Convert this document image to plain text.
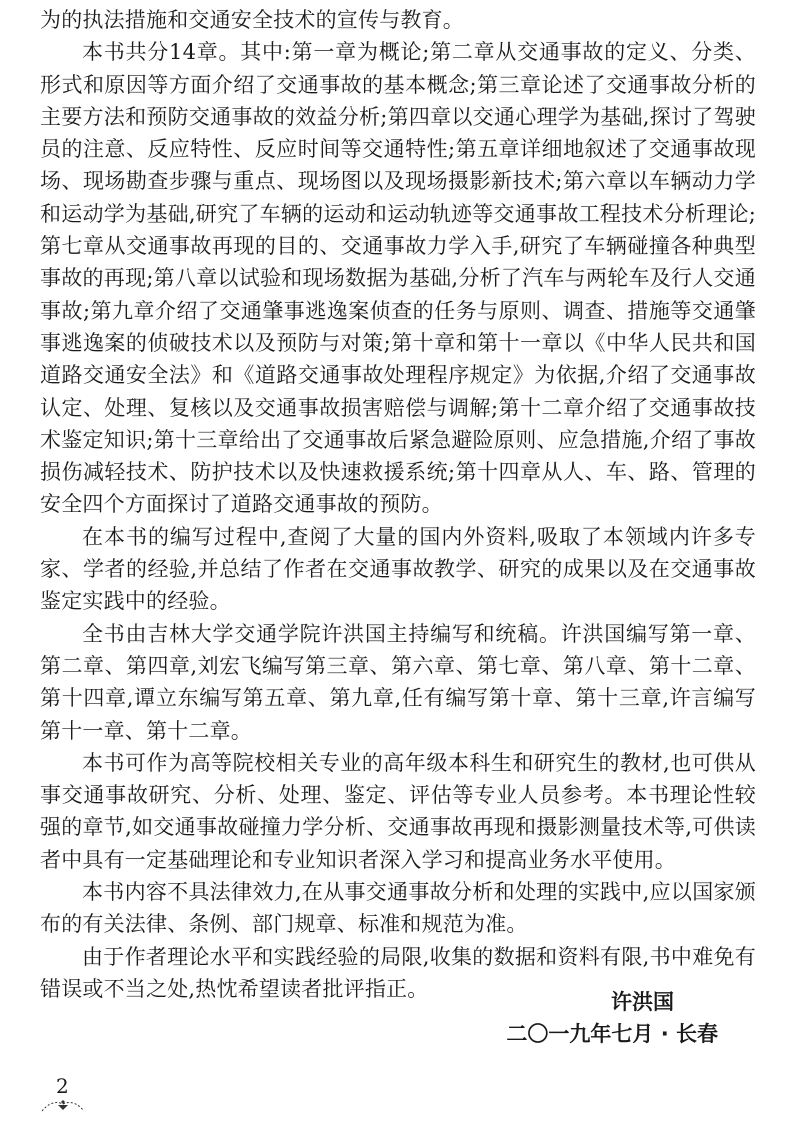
为的执法措施和交通安全技术的宣传与教育。

本书共分14章。其中:第一章为概论;第二章从交通事故的定义、分类、形式和原因等方面介绍了交通事故的基本概念;第三章论述了交通事故分析的主要方法和预防交通事故的效益分析;第四章以交通心理学为基础,探讨了驾驶员的注意、反应特性、反应时间等交通特性;第五章详细地叙述了交通事故现场、现场勘查步骤与重点、现场图以及现场摄影新技术;第六章以车辆动力学和运动学为基础,研究了车辆的运动和运动轨迹等交通事故工程技术分析理论;第七章从交通事故再现的目的、交通事故力学入手,研究了车辆碰撞各种典型事故的再现;第八章以试验和现场数据为基础,分析了汽车与两轮车及行人交通事故;第九章介绍了交通肇事逃逸案侦查的任务与原则、调查、措施等交通肇事逃逸案的侦破技术以及预防与对策;第十章和第十一章以《中华人民共和国道路交通安全法》和《道路交通事故处理程序规定》为依据,介绍了交通事故认定、处理、复核以及交通事故损害赔偿与调解;第十二章介绍了交通事故技术鉴定知识;第十三章给出了交通事故后紧急避险原则、应急措施,介绍了事故损伤减轻技术、防护技术以及快速救援系统;第十四章从人、车、路、管理的安全四个方面探讨了道路交通事故的预防。

在本书的编写过程中,查阅了大量的国内外资料,吸取了本领域内许多专家、学者的经验,并总结了作者在交通事故教学、研究的成果以及在交通事故鉴定实践中的经验。

全书由吉林大学交通学院许洪国主持编写和统稿。许洪国编写第一章、第二章、第四章,刘宏飞编写第三章、第六章、第七章、第八章、第十二章、第十四章,谭立东编写第五章、第九章,任有编写第十章、第十三章,许言编写第十一章、第十二章。

本书可作为高等院校相关专业的高年级本科生和研究生的教材,也可供从事交通事故研究、分析、处理、鉴定、评估等专业人员参考。本书理论性较强的章节,如交通事故碰撞力学分析、交通事故再现和摄影测量技术等,可供读者中具有一定基础理论和专业知识者深入学习和提高业务水平使用。

本书内容不具法律效力,在从事交通事故分析和处理的实践中,应以国家颁布的有关法律、条例、部门规章、标准和规范为准。

由于作者理论水平和实践经验的局限,收集的数据和资料有限,书中难免有错误或不当之处,热忱希望读者批评指正。

许洪国
二〇一九年七月 · 长春
2
